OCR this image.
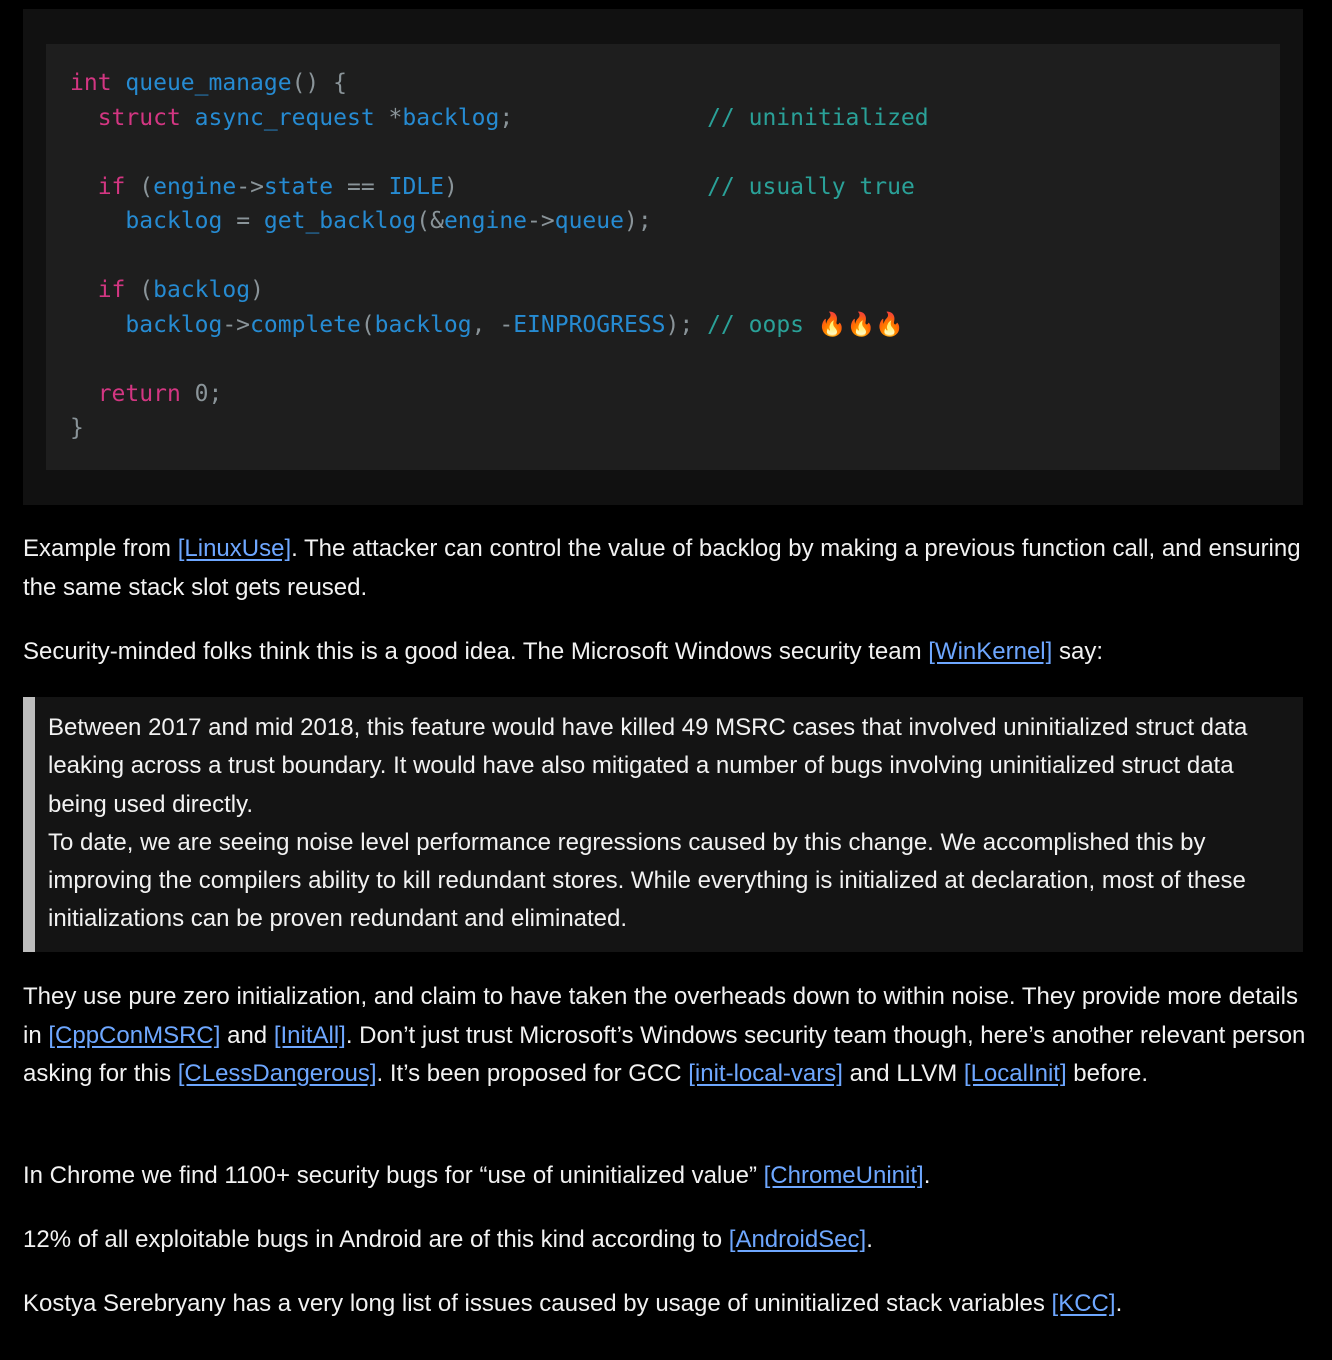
int queue_manage() {
struct async_request *backlog;	// uninitialized

if (engine->state == IDLE)	// usually true
backlog = get_backlog(&engine->queue);

if (backlog)
backlog->complete(backlog, -EINPROGRESS); // oops 🔥🔥🔥

return 0;
}

Example from [LinuxUse]. The attacker can control the value of backlog by making a previous function call, and ensuring the same stack slot gets reused.

Security-minded folks think this is a good idea. The Microsoft Windows security team [WinKernel] say:

Between 2017 and mid 2018, this feature would have killed 49 MSRC cases that involved uninitialized struct data leaking across a trust boundary. It would have also mitigated a number of bugs involving uninitialized struct data being used directly.
To date, we are seeing noise level performance regressions caused by this change. We accomplished this by improving the compilers ability to kill redundant stores. While everything is initialized at declaration, most of these initializations can be proven redundant and eliminated.

They use pure zero initialization, and claim to have taken the overheads down to within noise. They provide more details in [CppConMSRC] and [InitAll]. Don’t just trust Microsoft’s Windows security team though, here’s another relevant person asking for this [CLessDangerous]. It’s been proposed for GCC [init-local-vars] and LLVM [LocalInit] before.

In Chrome we find 1100+ security bugs for “use of uninitialized value” [ChromeUninit].

12% of all exploitable bugs in Android are of this kind according to [AndroidSec].

Kostya Serebryany has a very long list of issues caused by usage of uninitialized stack variables [KCC].
